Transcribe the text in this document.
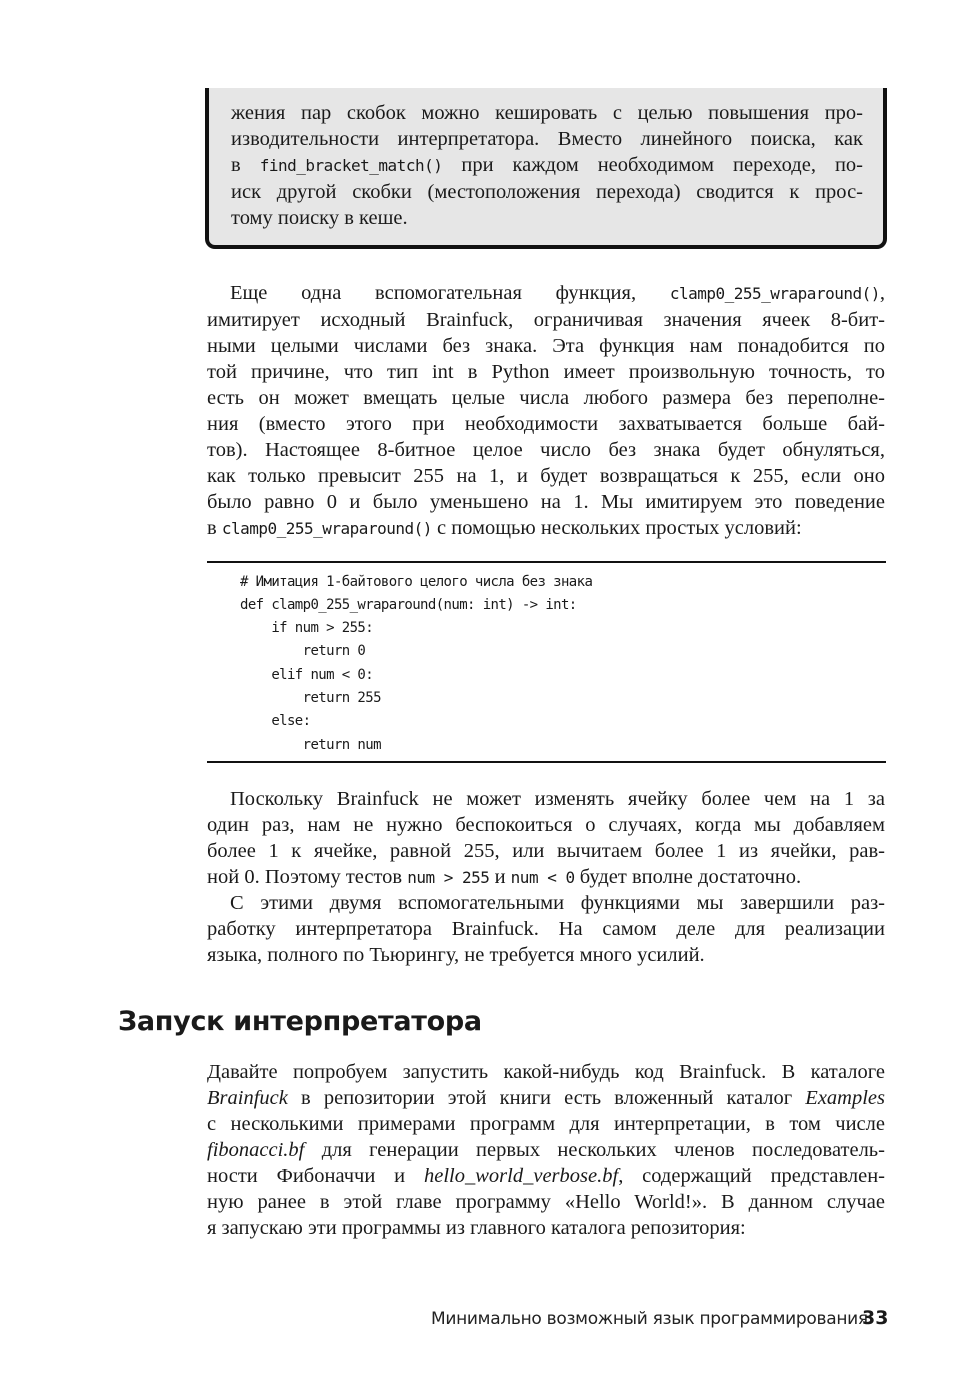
жения пар скобок можно кешировать с целью повышения про-
изводительности интерпретатора. Вместо линейного поиска, как
в find_bracket_match() при каждом необходимом переходе, по-
иск другой скобки (местоположения перехода) сводится к прос-
тому поиску в кеше.
Еще одна вспомогательная функция, clamp0_255_wraparound(),
имитирует исходный Brainfuck, ограничивая значения ячеек 8-бит-
ными целыми числами без знака. Эта функция нам понадобится по
той причине, что тип int в Python имеет произвольную точность, то
есть он может вмещать целые числа любого размера без переполне-
ния (вместо этого при необходимости захватывается больше бай-
тов). Настоящее 8-битное целое число без знака будет обнуляться,
как только превысит 255 на 1, и будет возвращаться к 255, если оно
было равно 0 и было уменьшено на 1. Мы имитируем это поведение
в clamp0_255_wraparound() с помощью нескольких простых условий:
# Имитация 1-байтового целого числа без знака
def clamp0_255_wraparound(num: int) -> int:
if num > 255:
return 0
elif num < 0:
return 255
else:
return num
Поскольку Brainfuck не может изменять ячейку более чем на 1 за
один раз, нам не нужно беспокоиться о случаях, когда мы добавляем
более 1 к ячейке, равной 255, или вычитаем более 1 из ячейки, рав-
ной 0. Поэтому тестов num > 255 и num < 0 будет вполне достаточно.
С этими двумя вспомогательными функциями мы завершили раз-
работку интерпретатора Brainfuck. На самом деле для реализации
языка, полного по Тьюрингу, не требуется много усилий.
Запуск интерпретатора
Давайте попробуем запустить какой-нибудь код Brainfuck. В каталоге
Brainfuck в репозитории этой книги есть вложенный каталог Examples
с несколькими примерами программ для интерпретации, в том числе
fibonacci.bf для генерации первых нескольких членов последователь-
ности Фибоначчи и hello_world_verbose.bf, содержащий представлен-
ную ранее в этой главе программу «Hello World!». В данном случае
я запускаю эти программы из главного каталога репозитория:
Минимально возможный язык программирования
33
